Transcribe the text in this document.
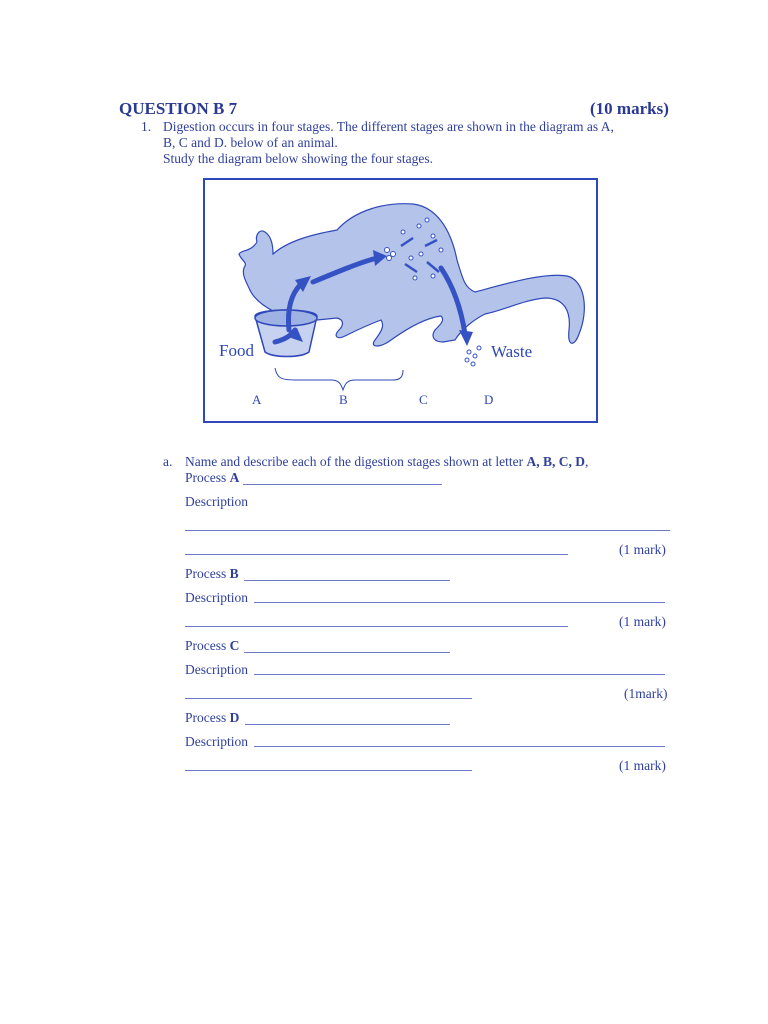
QUESTION B 7	(10 marks)
1. Digestion occurs in four stages. The different stages are shown in the diagram as A,
B, C and D. below of an animal.
Study the diagram below showing the four stages.
Food	Waste
A	B	C	D
a. Name and describe each of the digestion stages shown at letter A, B, C, D,
Process A
Description
(1 mark)
Process B
Description
(1 mark)
Process C
Description
(1mark)
Process D
Description
(1 mark)
